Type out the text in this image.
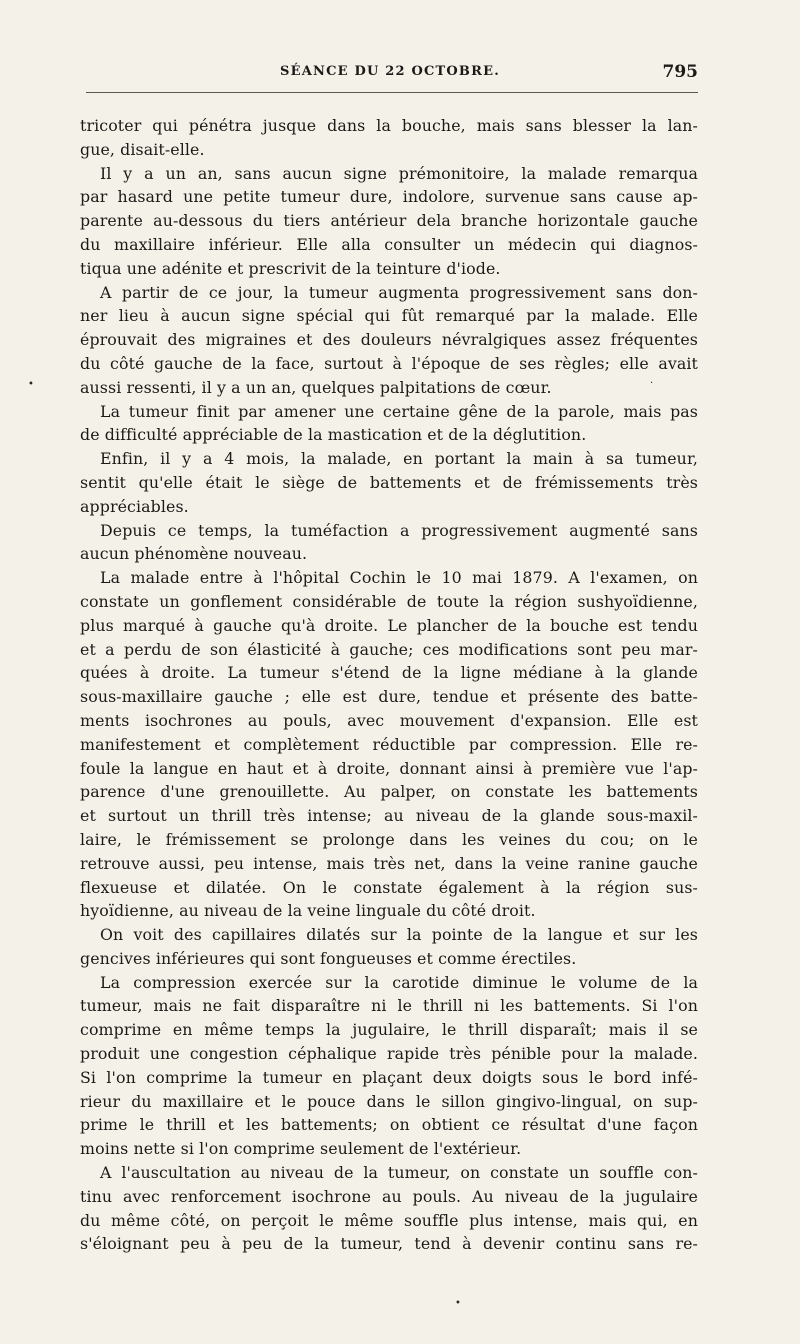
SÉANCE DU 22 OCTOBRE.	795
tricoter qui pénétra jusque dans la bouche, mais sans blesser la lan-
gue, disait-elle.
Il y a un an, sans aucun signe prémonitoire, la malade remarqua
par hasard une petite tumeur dure, indolore, survenue sans cause ap-
parente au-dessous du tiers antérieur dela branche horizontale gauche
du maxillaire inférieur. Elle alla consulter un médecin qui diagnos-
tiqua une adénite et prescrivit de la teinture d'iode.
A partir de ce jour, la tumeur augmenta progressivement sans don-
ner lieu à aucun signe spécial qui fût remarqué par la malade. Elle
éprouvait des migraines et des douleurs névralgiques assez fréquentes
du côté gauche de la face, surtout à l'époque de ses règles; elle avait
aussi ressenti, il y a un an, quelques palpitations de cœur.
La tumeur finit par amener une certaine gêne de la parole, mais pas
de difficulté appréciable de la mastication et de la déglutition.
Enfin, il y a 4 mois, la malade, en portant la main à sa tumeur,
sentit qu'elle était le siège de battements et de frémissements très
appréciables.
Depuis ce temps, la tuméfaction a progressivement augmenté sans
aucun phénomène nouveau.
La malade entre à l'hôpital Cochin le 10 mai 1879. A l'examen, on
constate un gonflement considérable de toute la région sushyoïdienne,
plus marqué à gauche qu'à droite. Le plancher de la bouche est tendu
et a perdu de son élasticité à gauche; ces modifications sont peu mar-
quées à droite. La tumeur s'étend de la ligne médiane à la glande
sous-maxillaire gauche ; elle est dure, tendue et présente des batte-
ments isochrones au pouls, avec mouvement d'expansion. Elle est
manifestement et complètement réductible par compression. Elle re-
foule la langue en haut et à droite, donnant ainsi à première vue l'ap-
parence d'une grenouillette. Au palper, on constate les battements
et surtout un thrill très intense; au niveau de la glande sous-maxil-
laire, le frémissement se prolonge dans les veines du cou; on le
retrouve aussi, peu intense, mais très net, dans la veine ranine gauche
flexueuse et dilatée. On le constate également à la région sus-
hyoïdienne, au niveau de la veine linguale du côté droit.
On voit des capillaires dilatés sur la pointe de la langue et sur les
gencives inférieures qui sont fongueuses et comme érectiles.
La compression exercée sur la carotide diminue le volume de la
tumeur, mais ne fait disparaître ni le thrill ni les battements. Si l'on
comprime en même temps la jugulaire, le thrill disparaît; mais il se
produit une congestion céphalique rapide très pénible pour la malade.
Si l'on comprime la tumeur en plaçant deux doigts sous le bord infé-
rieur du maxillaire et le pouce dans le sillon gingivo-lingual, on sup-
prime le thrill et les battements; on obtient ce résultat d'une façon
moins nette si l'on comprime seulement de l'extérieur.
A l'auscultation au niveau de la tumeur, on constate un souffle con-
tinu avec renforcement isochrone au pouls. Au niveau de la jugulaire
du même côté, on perçoit le même souffle plus intense, mais qui, en
s'éloignant peu à peu de la tumeur, tend à devenir continu sans re-
•	·
•
